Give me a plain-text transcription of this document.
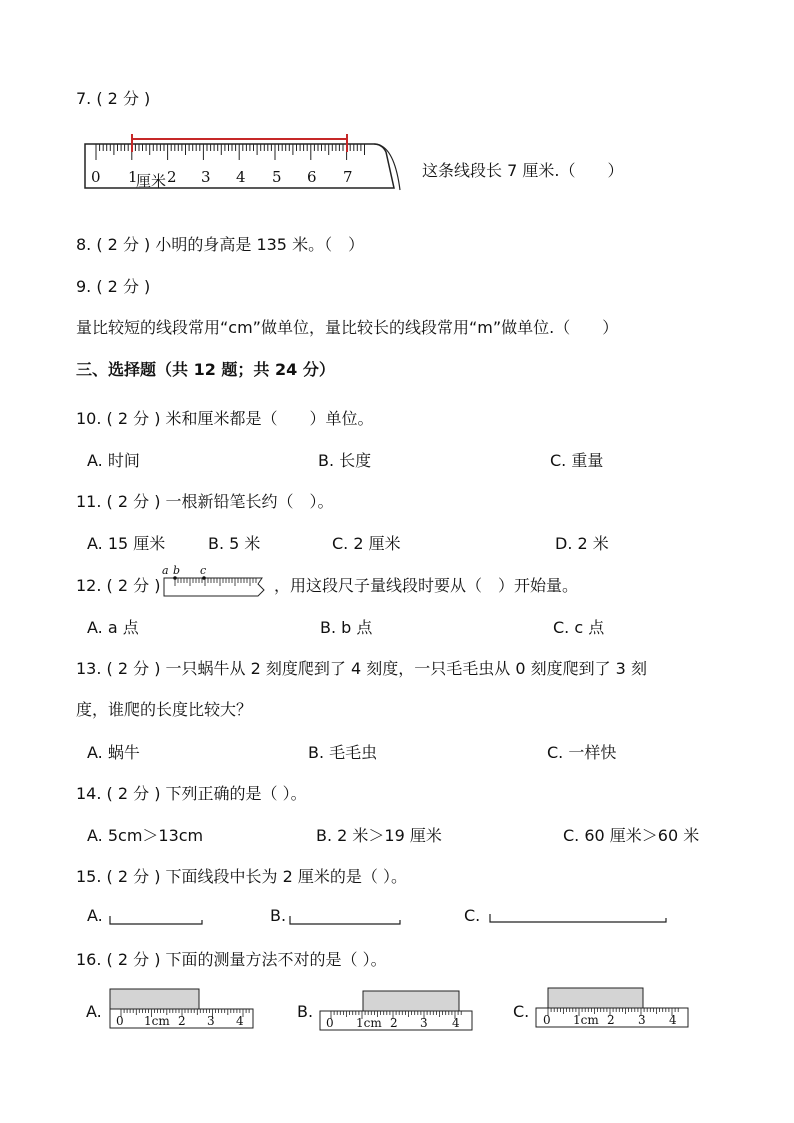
7. ( 2 分 )
0 1 2 3 4 5 6 7
厘米
这条线段长 7 厘米.（　　）
8. ( 2 分 ) 小明的身高是 135 米。（　）
9. ( 2 分 )
量比较短的线段常用“cm”做单位，量比较长的线段常用“m”做单位.（　　）
三、选择题（共 12 题；共 24 分）
10. ( 2 分 ) 米和厘米都是（　　）单位。
A. 时间	B. 长度	C. 重量
11. ( 2 分 ) 一根新铅笔长约（　）。
A. 15 厘米	B. 5 米	C. 2 厘米	D. 2 米
12. ( 2 分 )
a b c
，用这段尺子量线段时要从（　）开始量。
A. a 点	B. b 点	C. c 点
13. ( 2 分 ) 一只蜗牛从 2 刻度爬到了 4 刻度，一只毛毛虫从 0 刻度爬到了 3 刻
度，谁爬的长度比较大？
A. 蜗牛	B. 毛毛虫	C. 一样快
14. ( 2 分 ) 下列正确的是（ ）。
A. 5cm＞13cm	B. 2 米＞19 厘米	C. 60 厘米＞60 米
15. ( 2 分 ) 下面线段中长为 2 厘米的是（ ）。
A.	B.	C.
16. ( 2 分 ) 下面的测量方法不对的是（ ）。
A. 0 1cm 2 3 4	B.
0 1cm 2 3 4
C. 0 1cm 2 3 4
